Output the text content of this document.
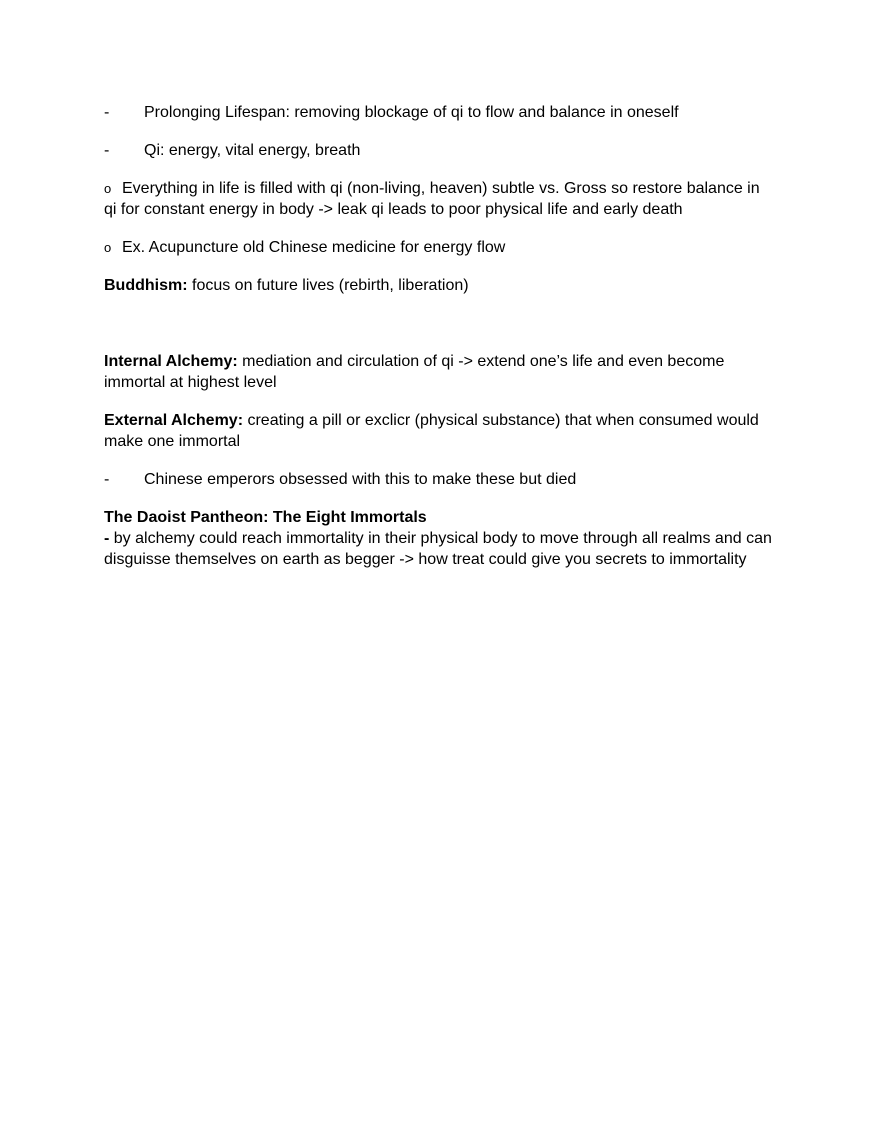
-	Prolonging Lifespan: removing blockage of qi to flow and balance in oneself
-	Qi: energy, vital energy, breath
o Everything in life is filled with qi (non-living, heaven) subtle vs. Gross so restore balance in qi for constant energy in body -> leak qi leads to poor physical life and early death
o Ex. Acupuncture old Chinese medicine for energy flow

Buddhism: focus on future lives (rebirth, liberation)

Internal Alchemy: mediation and circulation of qi -> extend one’s life and even become immortal at highest level

External Alchemy: creating a pill or exclicr (physical substance) that when consumed would make one immortal

-	Chinese emperors obsessed with this to make these but died
The Daoist Pantheon: The Eight Immortals
- by alchemy could reach immortality in their physical body to move through all realms and can disguisse themselves on earth as begger -> how treat could give you secrets to immortality
